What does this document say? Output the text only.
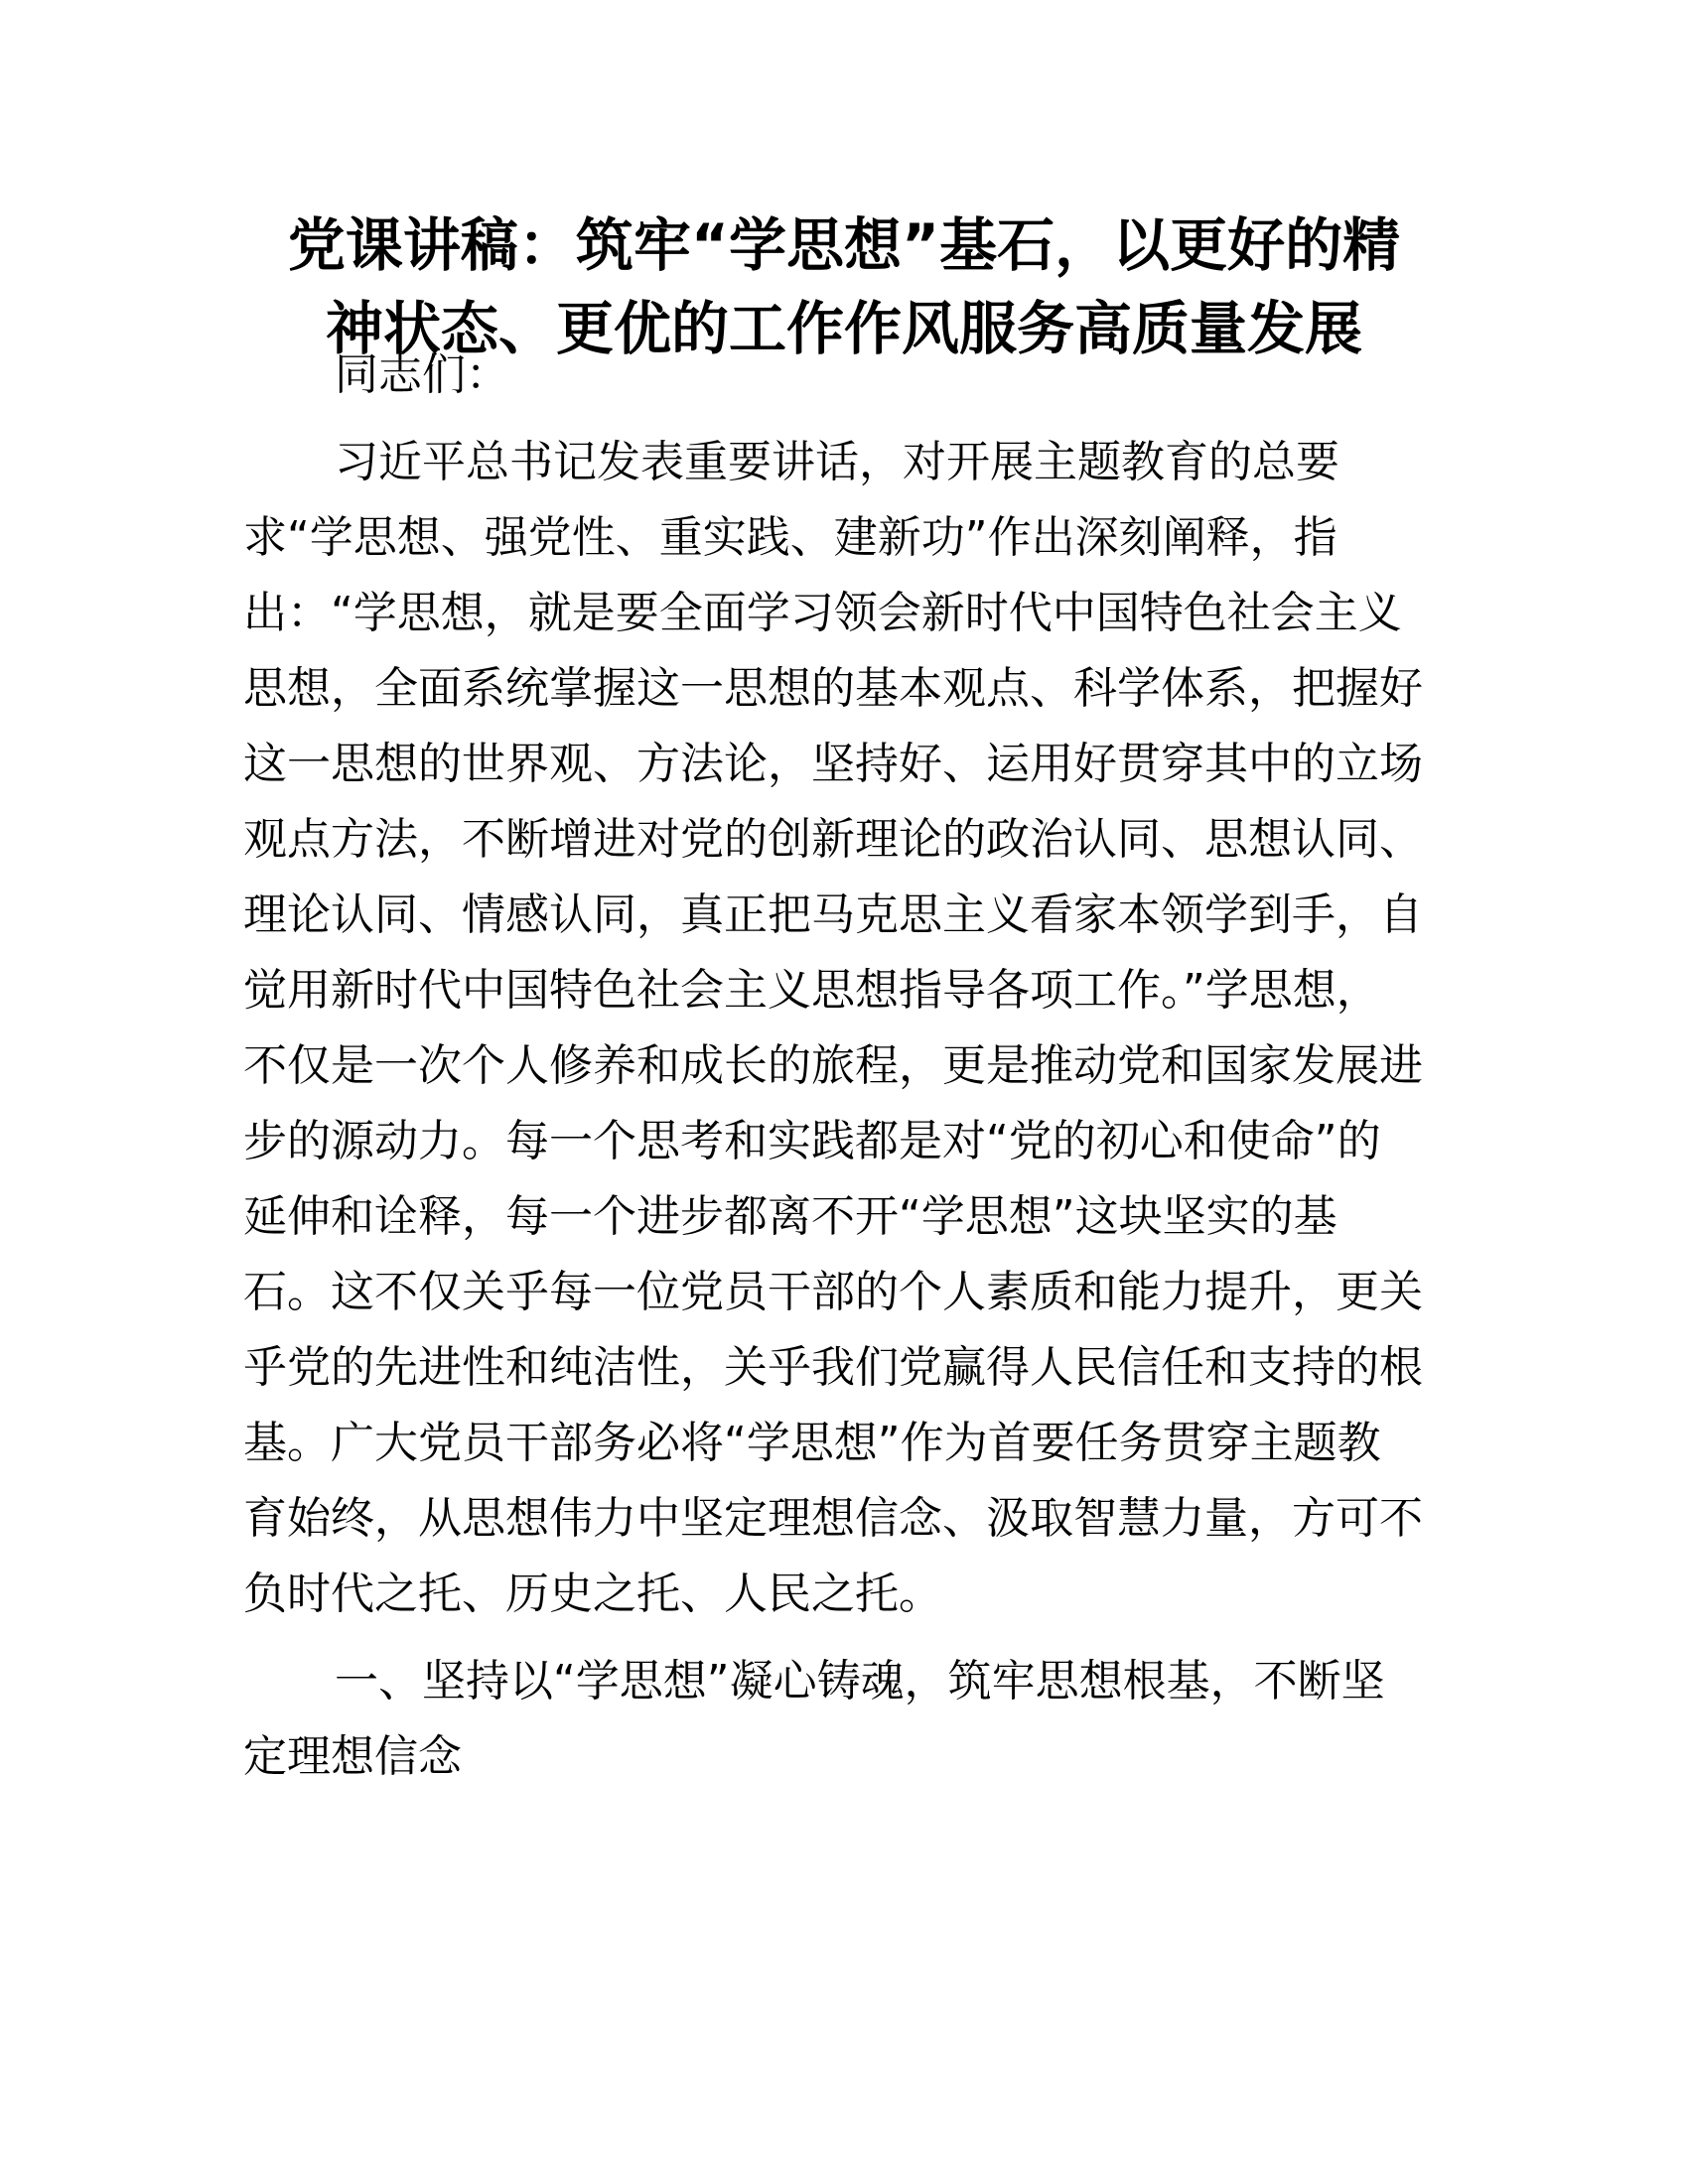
党课讲稿：筑牢“学思想”基石，以更好的精
神状态、更优的工作作风服务高质量发展

同志们：

习近平总书记发表重要讲话，对开展主题教育的总要
求“学思想、强党性、重实践、建新功”作出深刻阐释，指
出：“学思想，就是要全面学习领会新时代中国特色社会主义
思想，全面系统掌握这一思想的基本观点、科学体系，把握好
这一思想的世界观、方法论，坚持好、运用好贯穿其中的立场
观点方法，不断增进对党的创新理论的政治认同、思想认同、
理论认同、情感认同，真正把马克思主义看家本领学到手，自
觉用新时代中国特色社会主义思想指导各项工作。”学思想，
不仅是一次个人修养和成长的旅程，更是推动党和国家发展进
步的源动力。每一个思考和实践都是对“党的初心和使命”的
延伸和诠释，每一个进步都离不开“学思想”这块坚实的基
石。这不仅关乎每一位党员干部的个人素质和能力提升，更关
乎党的先进性和纯洁性，关乎我们党赢得人民信任和支持的根
基。广大党员干部务必将“学思想”作为首要任务贯穿主题教
育始终，从思想伟力中坚定理想信念、汲取智慧力量，方可不
负时代之托、历史之托、人民之托。

一、坚持以“学思想”凝心铸魂，筑牢思想根基，不断坚
定理想信念
